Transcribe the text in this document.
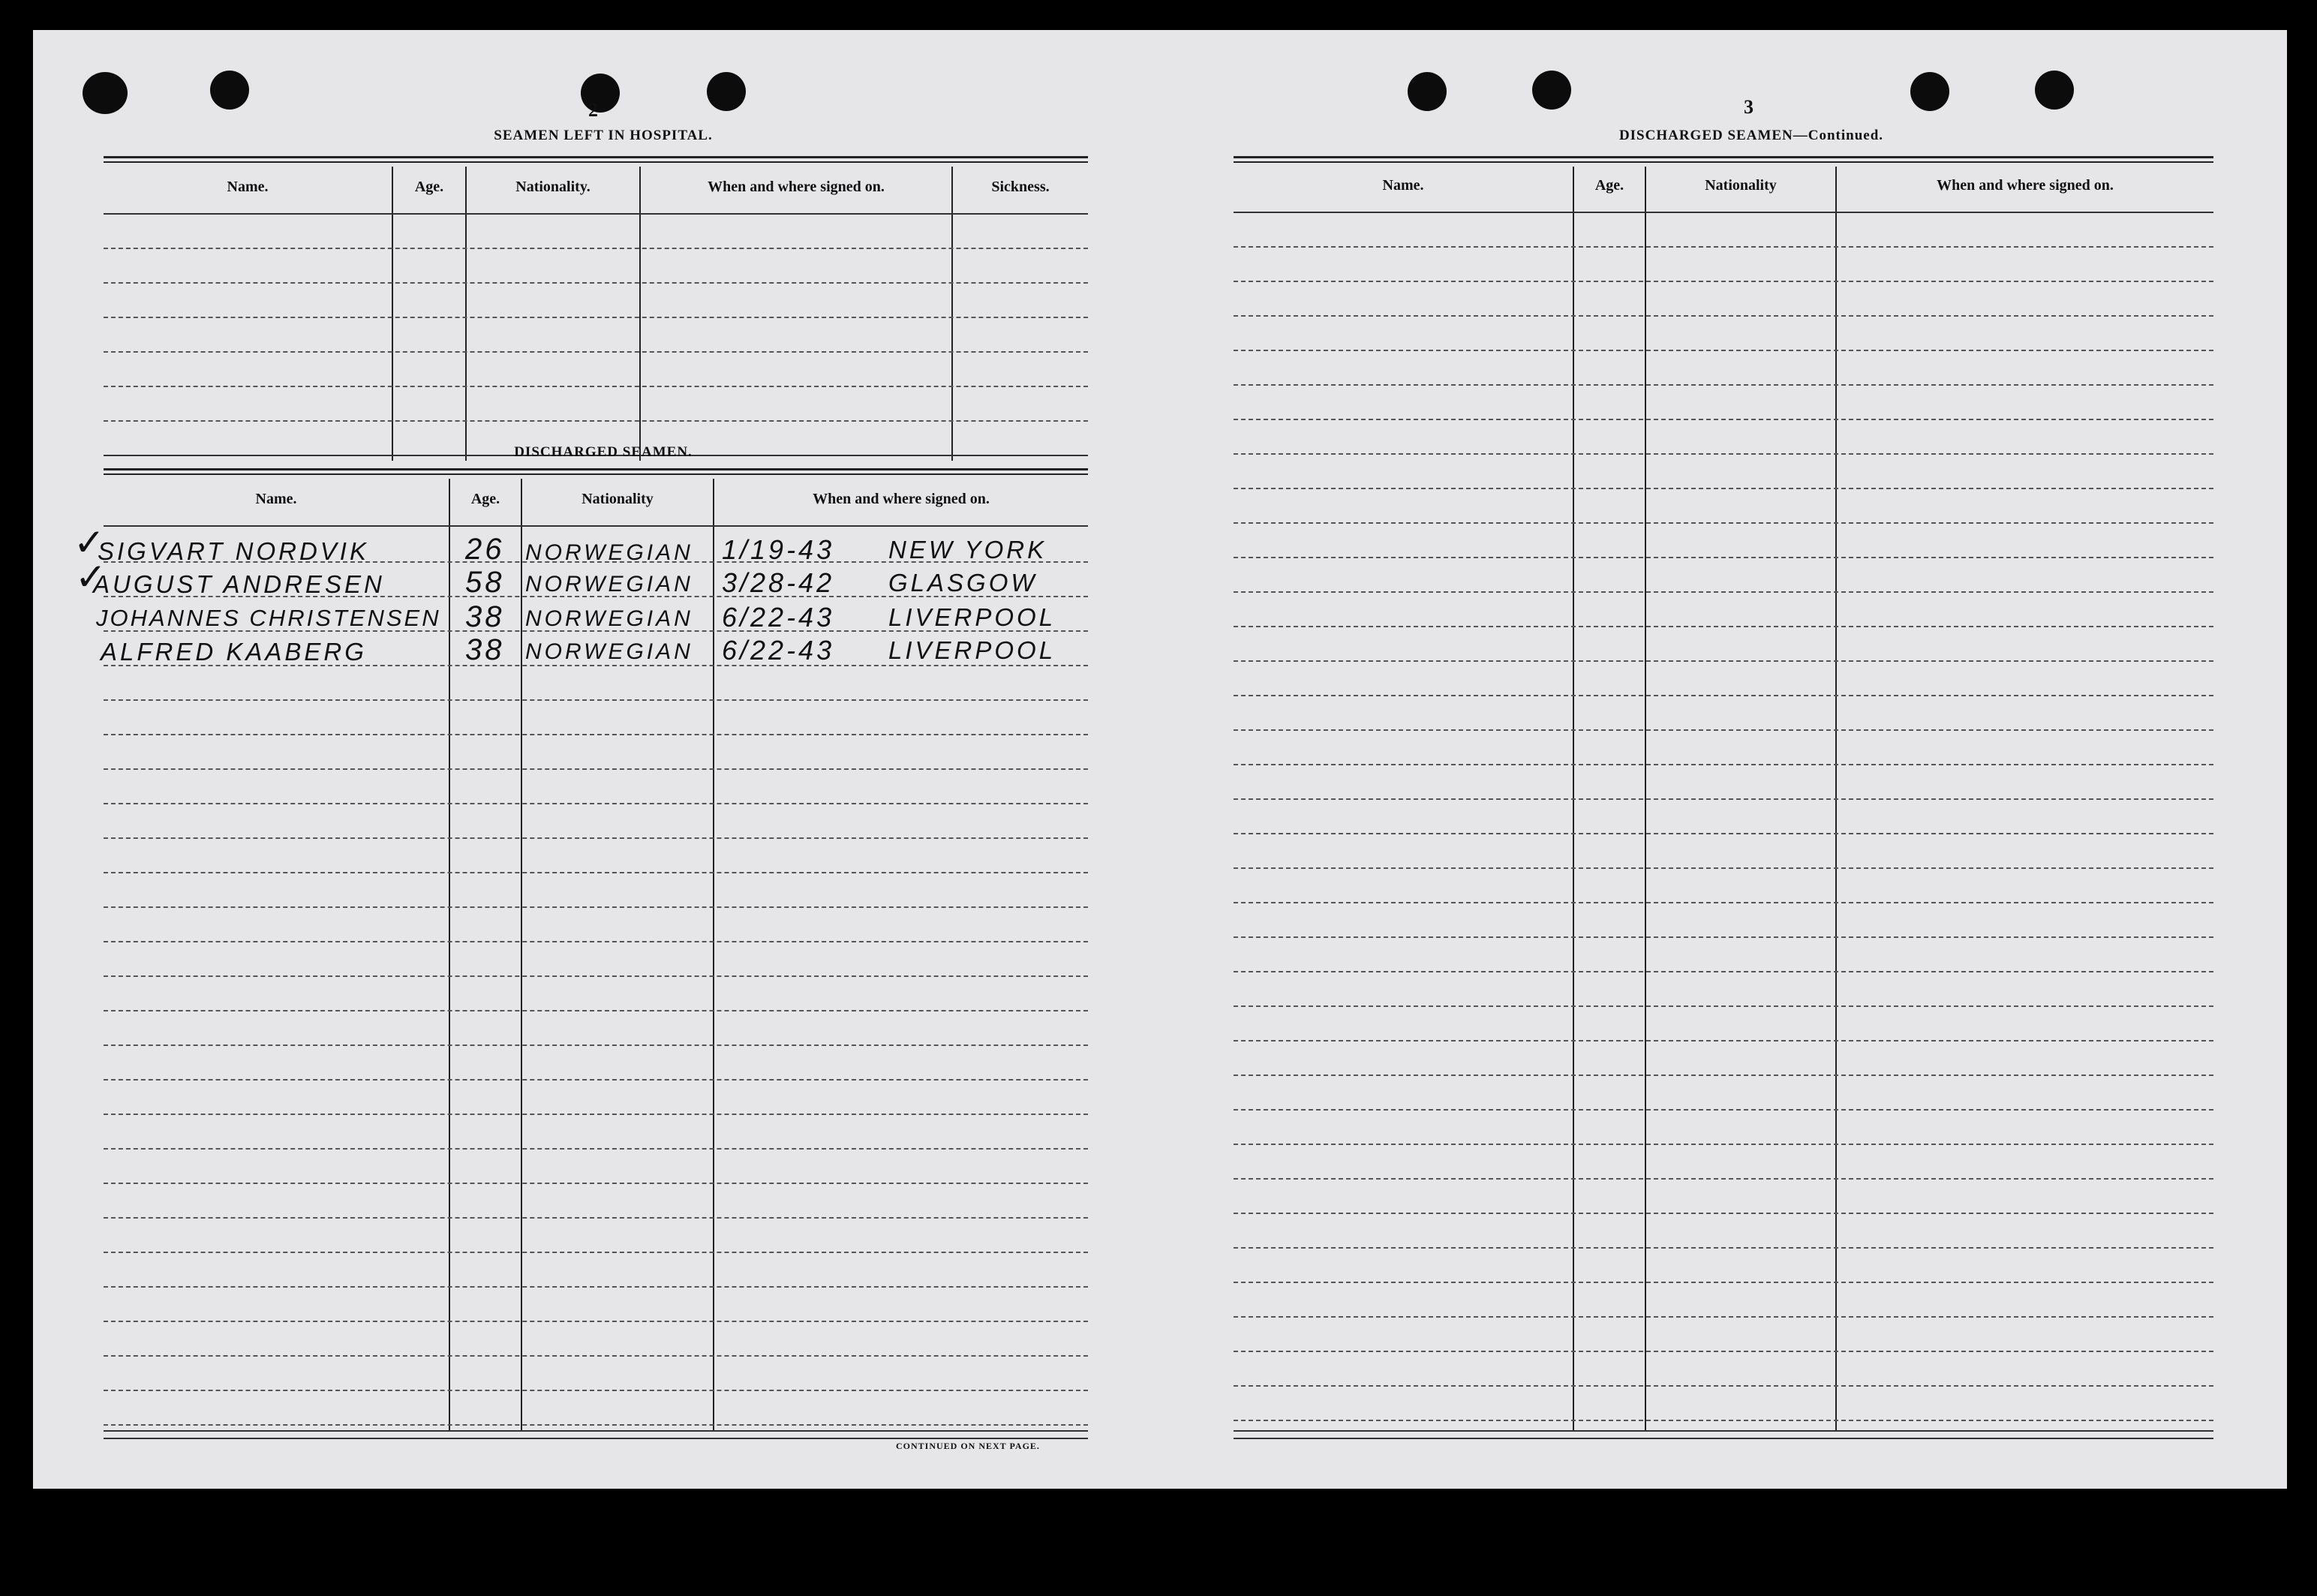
2
SEAMEN LEFT IN HOSPITAL.
Name.	Age.	Nationality.	When and where signed on.	Sickness.
DISCHARGED SEAMEN.
Name.	Age.	Nationality	When and where signed on.
✓
SIGVART NORDVIK	26 NORWEGIAN 1/19-43 NEW YORK
✓
AUGUST ANDRESEN	58 NORWEGIAN 3/28-42 GLASGOW
JOHANNES CHRISTENSEN 38 NORWEGIAN 6/22-43 LIVERPOOL
ALFRED KAABERG	38 NORWEGIAN 6/22-43 LIVERPOOL
CONTINUED ON NEXT PAGE.
3
DISCHARGED SEAMEN—Continued.
Name.	Age.	Nationality	When and where signed on.
